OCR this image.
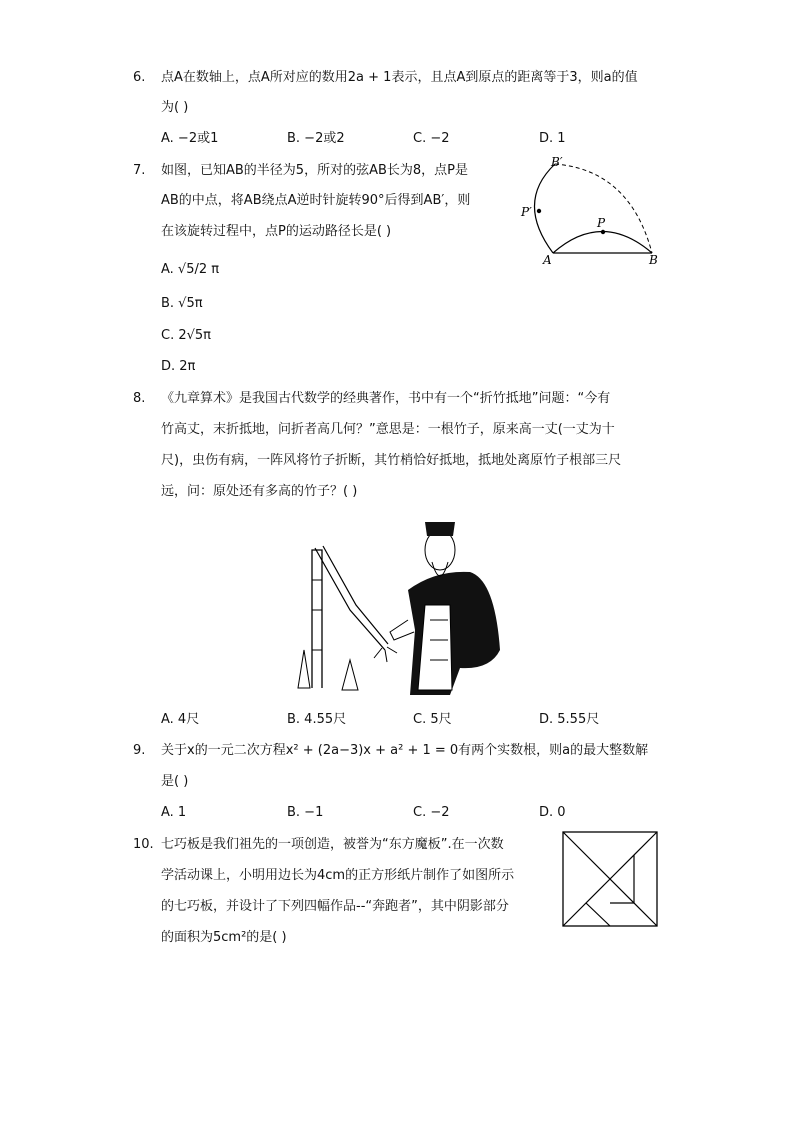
6. 点A在数轴上，点A所对应的数用2a + 1表示，且点A到原点的距离等于3，则a的值
为( )
A. −2或1	B. −2或2	C. −2	D. 1
7. 如图，已知AB的半径为5，所对的弦AB长为8，点P是
AB的中点，将AB绕点A逆时针旋转90°后得到AB′，则
在该旋转过程中，点P的运动路径长是( )
A. √5/2 π
B. √5π
C. 2√5π
D. 2π
A	B
P
P′
B′
8. 《九章算术》是我国古代数学的经典著作，书中有一个“折竹抵地”问题：“今有
竹高丈，末折抵地，问折者高几何？”意思是：一根竹子，原来高一丈(一丈为十
尺)，虫伤有病，一阵风将竹子折断，其竹梢恰好抵地，抵地处离原竹子根部三尺
远，问：原处还有多高的竹子？( )
A. 4尺	B. 4.55尺	C. 5尺	D. 5.55尺
9. 关于x的一元二次方程x² + (2a−3)x + a² + 1 = 0有两个实数根，则a的最大整数解
是( )
A. 1	B. −1	C. −2	D. 0
10. 七巧板是我们祖先的一项创造，被誉为“东方魔板”.在一次数
学活动课上，小明用边长为4cm的正方形纸片制作了如图所示
的七巧板，并设计了下列四幅作品--“奔跑者”，其中阴影部分
的面积为5cm²的是( )
